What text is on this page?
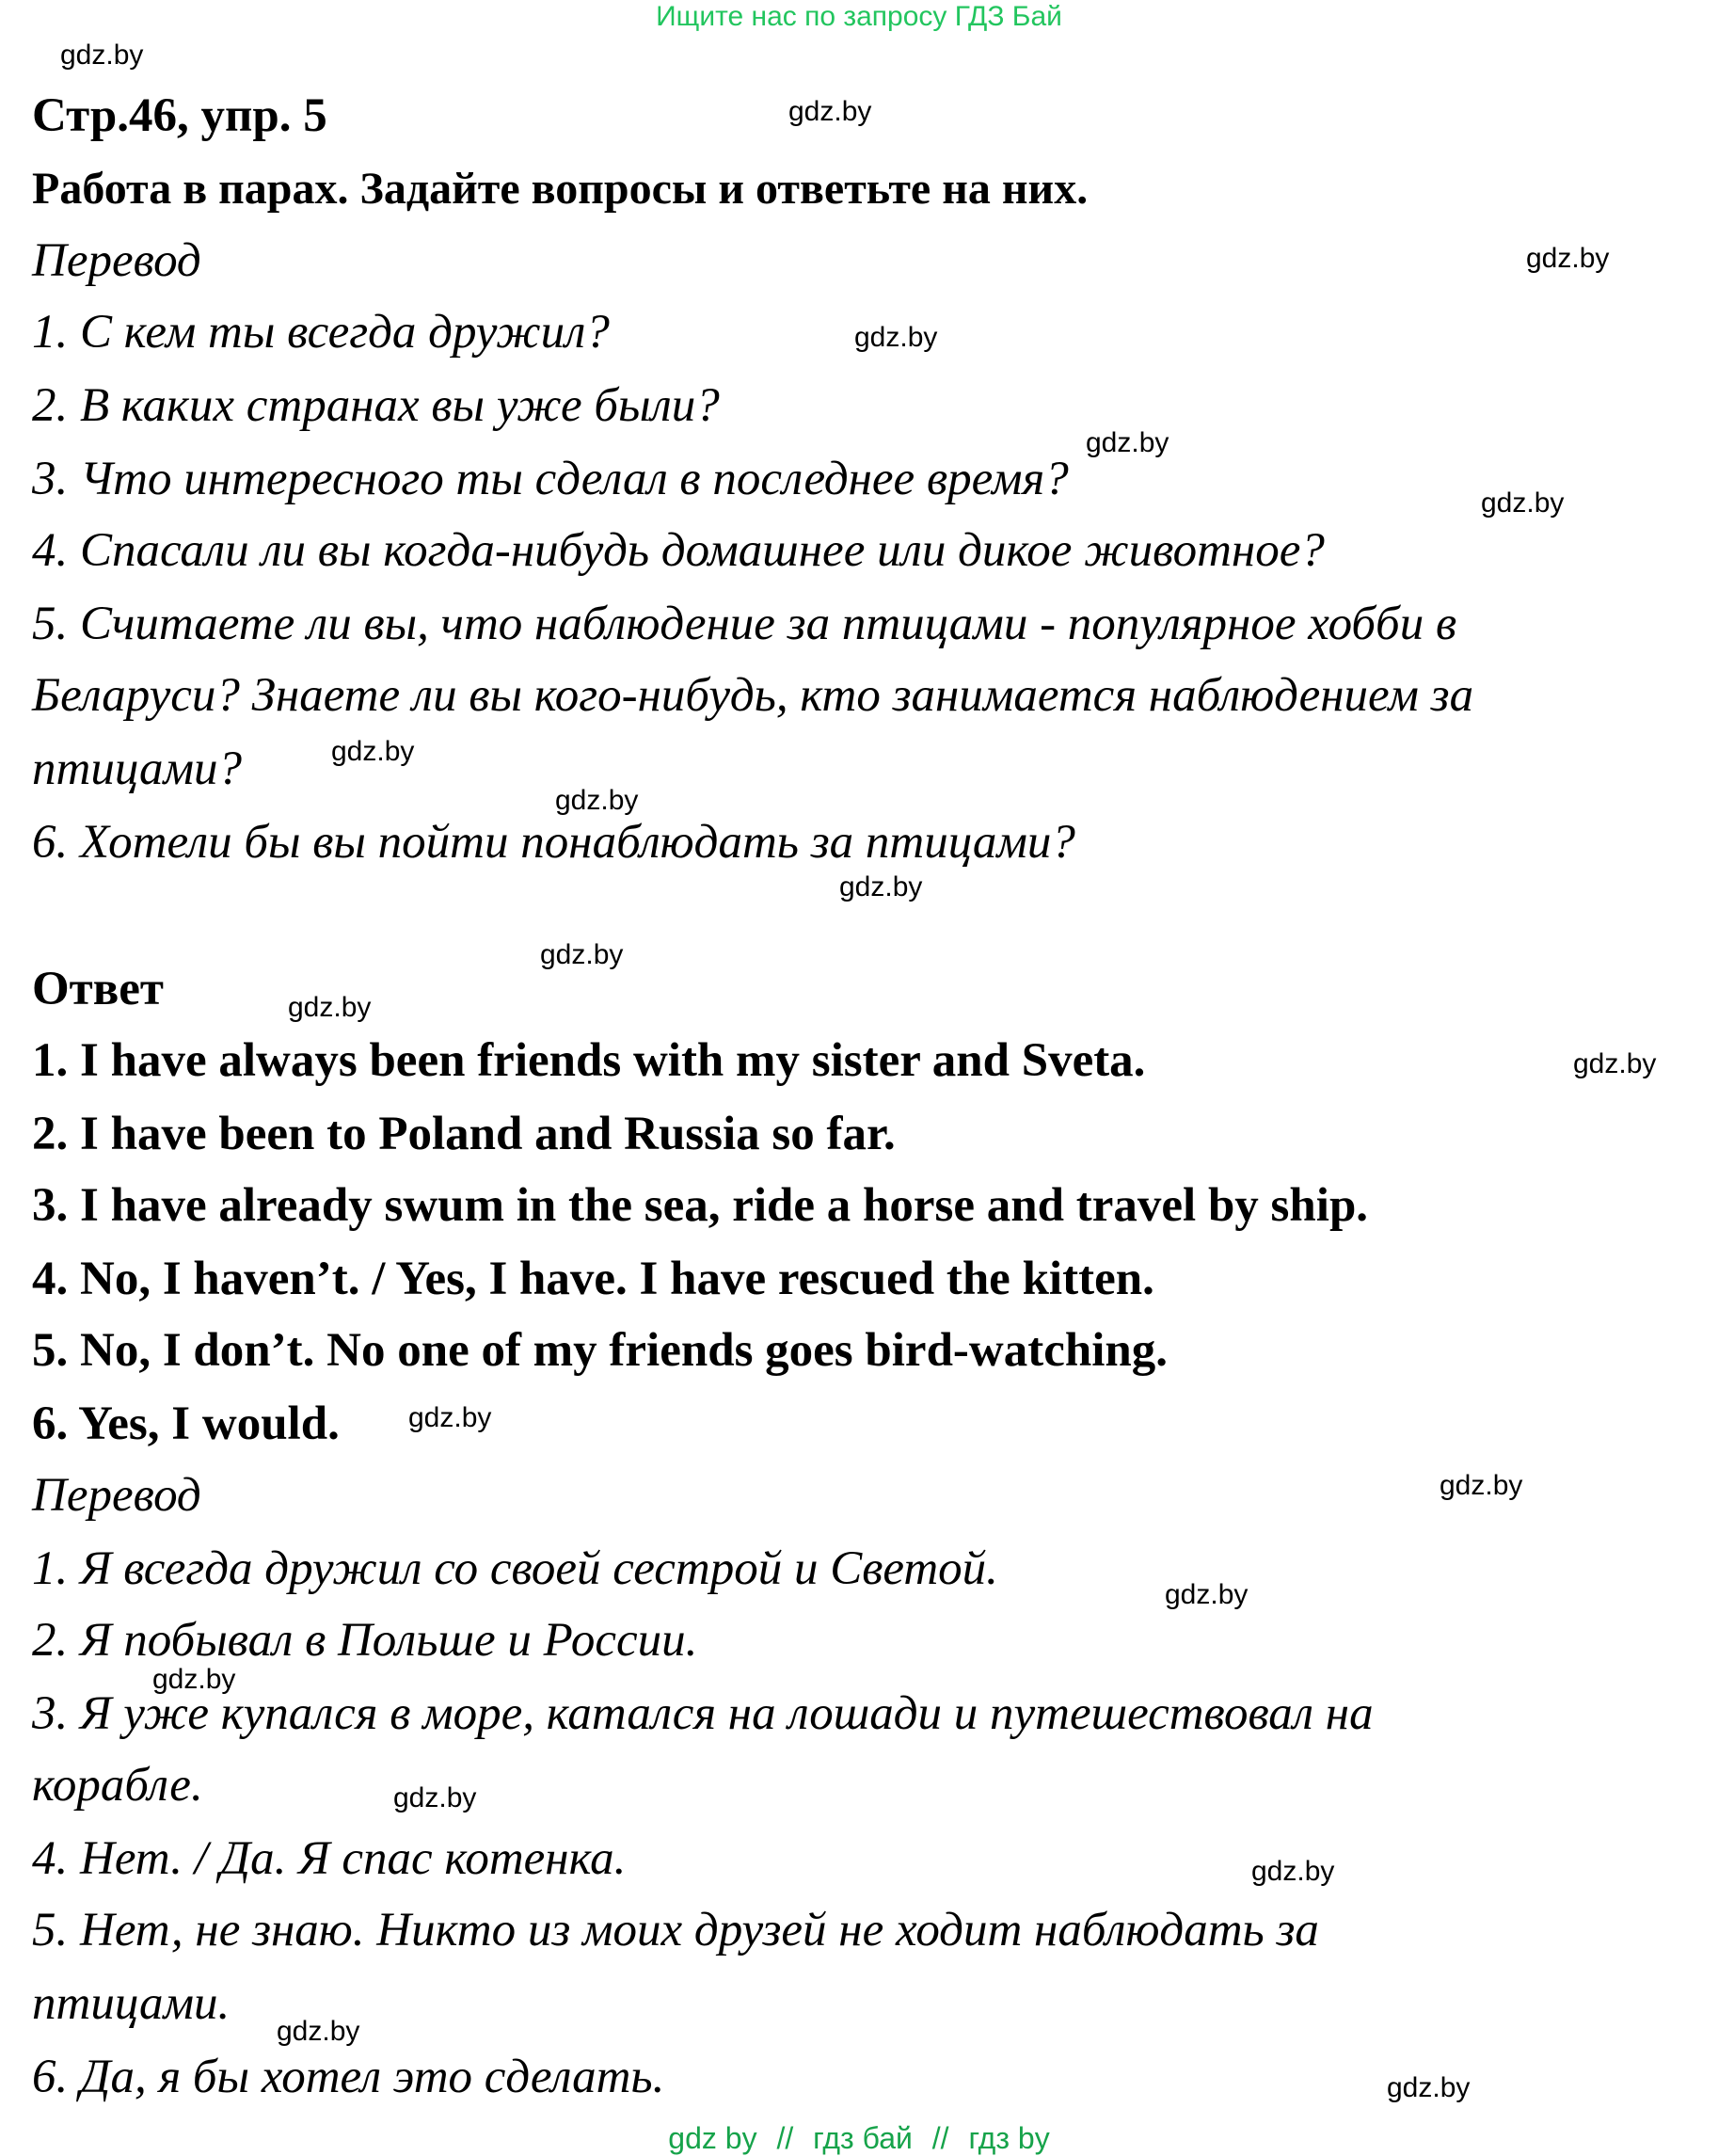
Ищите нас по запросу ГДЗ Бай
gdz.by
gdz.by
gdz.by
gdz.by
gdz.by
gdz.by
gdz.by
gdz.by
gdz.by
gdz.by
gdz.by
gdz.by
gdz.by
gdz.by
gdz.by
gdz.by
gdz.by
gdz.by
gdz.by
gdz.by
Стр.46, упр. 5
Работа в парах. Задайте вопросы и ответьте на них.
Перевод
1. С кем ты всегда дружил?
2. В каких странах вы уже были?
3. Что интересного ты сделал в последнее время?
4. Спасали ли вы когда-нибудь домашнее или дикое животное?
5. Считаете ли вы, что наблюдение за птицами - популярное хобби в
Беларуси? Знаете ли вы кого-нибудь, кто занимается наблюдением за
птицами?
6. Хотели бы вы пойти понаблюдать за птицами?
Ответ
1. I have always been friends with my sister and Sveta.
2. I have been to Poland and Russia so far.
3. I have already swum in the sea, ride a horse and travel by ship.
4. No, I haven’t. / Yes, I have. I have rescued the kitten.
5. No, I don’t. No one of my friends goes bird-watching.
6. Yes, I would.
Перевод
1. Я всегда дружил со своей сестрой и Светой.
2. Я побывал в Польше и России.
3. Я уже купался в море, катался на лошади и путешествовал на
корабле.
4. Нет. / Да. Я спас котенка.
5. Нет, не знаю. Никто из моих друзей не ходит наблюдать за
птицами.
6. Да, я бы хотел это сделать.
gdz by // гдз бай // гдз by
